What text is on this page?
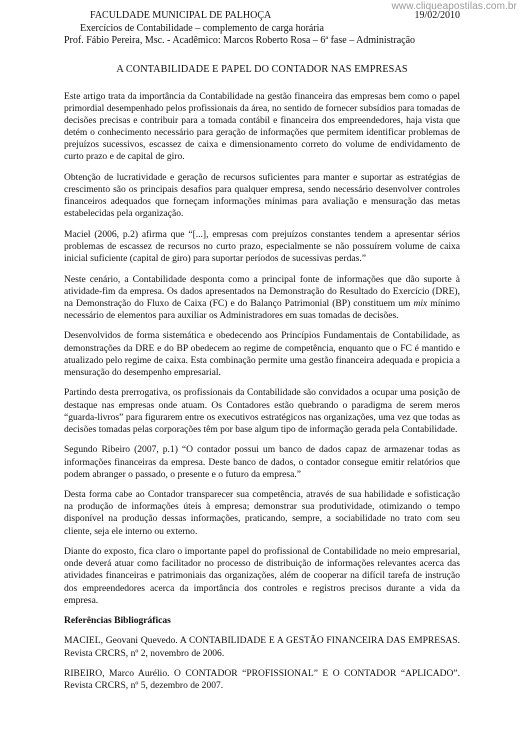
www.cliqueapostilas.com.br
FACULDADE MUNICIPAL DE PALHOÇA	19/02/2010
Exercícios de Contabilidade – complemento de carga horária
Prof. Fábio Pereira, Msc. - Acadêmico: Marcos Roberto Rosa – 6ª fase – Administração
A CONTABILIDADE E PAPEL DO CONTADOR NAS EMPRESAS

Este artigo trata da importância da Contabilidade na gestão financeira das empresas bem como o papel primordial desempenhado pelos profissionais da área, no sentido de fornecer subsídios para tomadas de decisões precisas e contribuir para a tomada contábil e financeira dos empreendedores, haja vista que detém o conhecimento necessário para geração de informações que permitem identificar problemas de prejuízos sucessivos, escassez de caixa e dimensionamento correto do volume de endividamento de curto prazo e de capital de giro.

Obtenção de lucratividade e geração de recursos suficientes para manter e suportar as estratégias de crescimento são os principais desafios para qualquer empresa, sendo necessário desenvolver controles financeiros adequados que forneçam informações mínimas para avaliação e mensuração das metas estabelecidas pela organização.

Maciel (2006, p.2) afirma que “[...], empresas com prejuízos constantes tendem a apresentar sérios problemas de escassez de recursos no curto prazo, especialmente se não possuírem volume de caixa inicial suficiente (capital de giro) para suportar períodos de sucessivas perdas.”

Neste cenário, a Contabilidade desponta como a principal fonte de informações que dão suporte à atividade-fim da empresa. Os dados apresentados na Demonstração do Resultado do Exercício (DRE), na Demonstração do Fluxo de Caixa (FC) e do Balanço Patrimonial (BP) constituem um mix mínimo necessário de elementos para auxiliar os Administradores em suas tomadas de decisões.

Desenvolvidos de forma sistemática e obedecendo aos Princípios Fundamentais de Contabilidade, as demonstrações da DRE e do BP obedecem ao regime de competência, enquanto que o FC é mantido e atualizado pelo regime de caixa. Esta combinação permite uma gestão financeira adequada e propicia a mensuração do desempenho empresarial.

Partindo desta prerrogativa, os profissionais da Contabilidade são convidados a ocupar uma posição de destaque nas empresas onde atuam. Os Contadores estão quebrando o paradigma de serem meros “guarda-livros” para figurarem entre os executivos estratégicos nas organizações, uma vez que todas as decisões tomadas pelas corporações têm por base algum tipo de informação gerada pela Contabilidade.

Segundo Ribeiro (2007, p.1) “O contador possui um banco de dados capaz de armazenar todas as informações financeiras da empresa. Deste banco de dados, o contador consegue emitir relatórios que podem abranger o passado, o presente e o futuro da empresa.”

Desta forma cabe ao Contador transparecer sua competência, através de sua habilidade e sofisticação na produção de informações úteis à empresa; demonstrar sua produtividade, otimizando o tempo disponível na produção dessas informações, praticando, sempre, a sociabilidade no trato com seu cliente, seja ele interno ou externo.

Diante do exposto, fica claro o importante papel do profissional de Contabilidade no meio empresarial, onde deverá atuar como facilitador no processo de distribuição de informações relevantes acerca das atividades financeiras e patrimoniais das organizações, além de cooperar na difícil tarefa de instrução dos empreendedores acerca da importância dos controles e registros precisos durante a vida da empresa.

Referências Bibliográficas

MACIEL, Geovani Quevedo. A CONTABILIDADE E A GESTÃO FINANCEIRA DAS EMPRESAS. Revista CRCRS, nº 2, novembro de 2006.

RIBEIRO, Marco Aurélio. O CONTADOR “PROFISSIONAL” E O CONTADOR “APLICADO”. Revista CRCRS, nº 5, dezembro de 2007.
